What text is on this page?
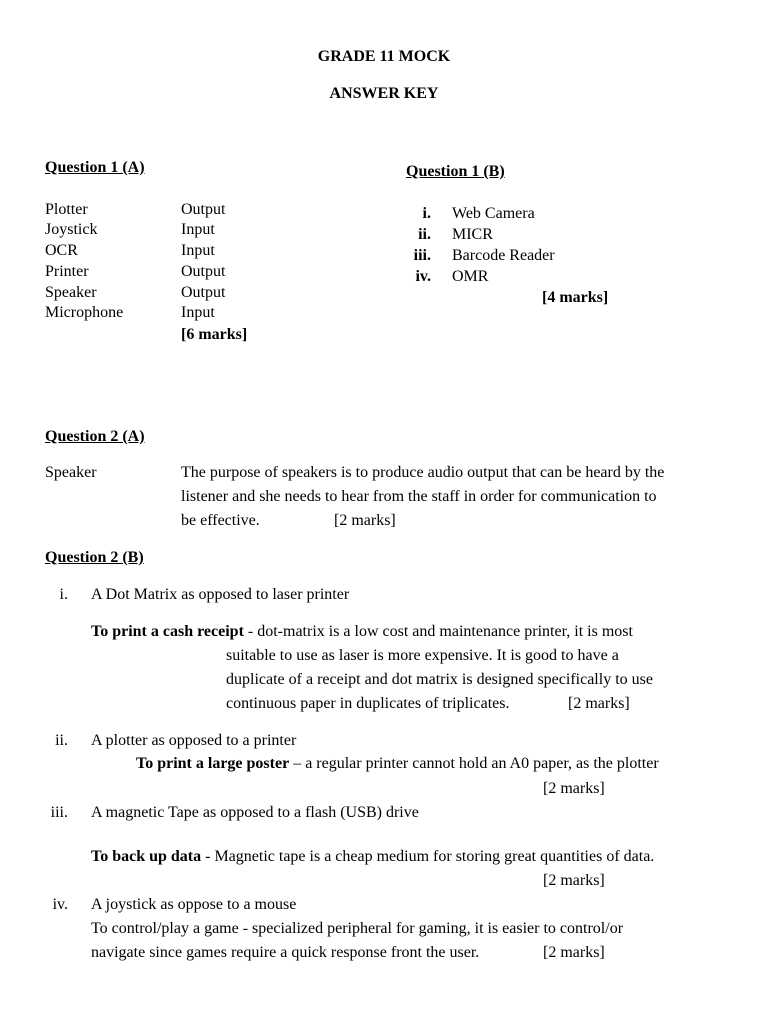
GRADE 11 MOCK
ANSWER KEY
Question 1 (A)
Plotter	Output
Joystick	Input
OCR	Input
Printer	Output
Speaker	Output
Microphone	Input
[6 marks]
Question 1 (B)
i. Web Camera
ii. MICR
iii. Barcode Reader
iv. OMR
[4 marks]
Question 2 (A)
Speaker	The purpose of speakers is to produce audio output that can be heard by the
listener and she needs to hear from the staff in order for communication to
be effective.	[2 marks]
Question 2 (B)
i. A Dot Matrix as opposed to laser printer
To print a cash receipt - dot-matrix is a low cost and maintenance printer, it is most
suitable to use as laser is more expensive. It is good to have a
duplicate of a receipt and dot matrix is designed specifically to use
continuous paper in duplicates of triplicates.	[2 marks]
ii. A plotter as opposed to a printer
To print a large poster – a regular printer cannot hold an A0 paper, as the plotter
[2 marks]
iii. A magnetic Tape as opposed to a flash (USB) drive
To back up data - Magnetic tape is a cheap medium for storing great quantities of data.
[2 marks]
iv. A joystick as oppose to a mouse
To control/play a game - specialized peripheral for gaming, it is easier to control/or
navigate since games require a quick response front the user.	[2 marks]
